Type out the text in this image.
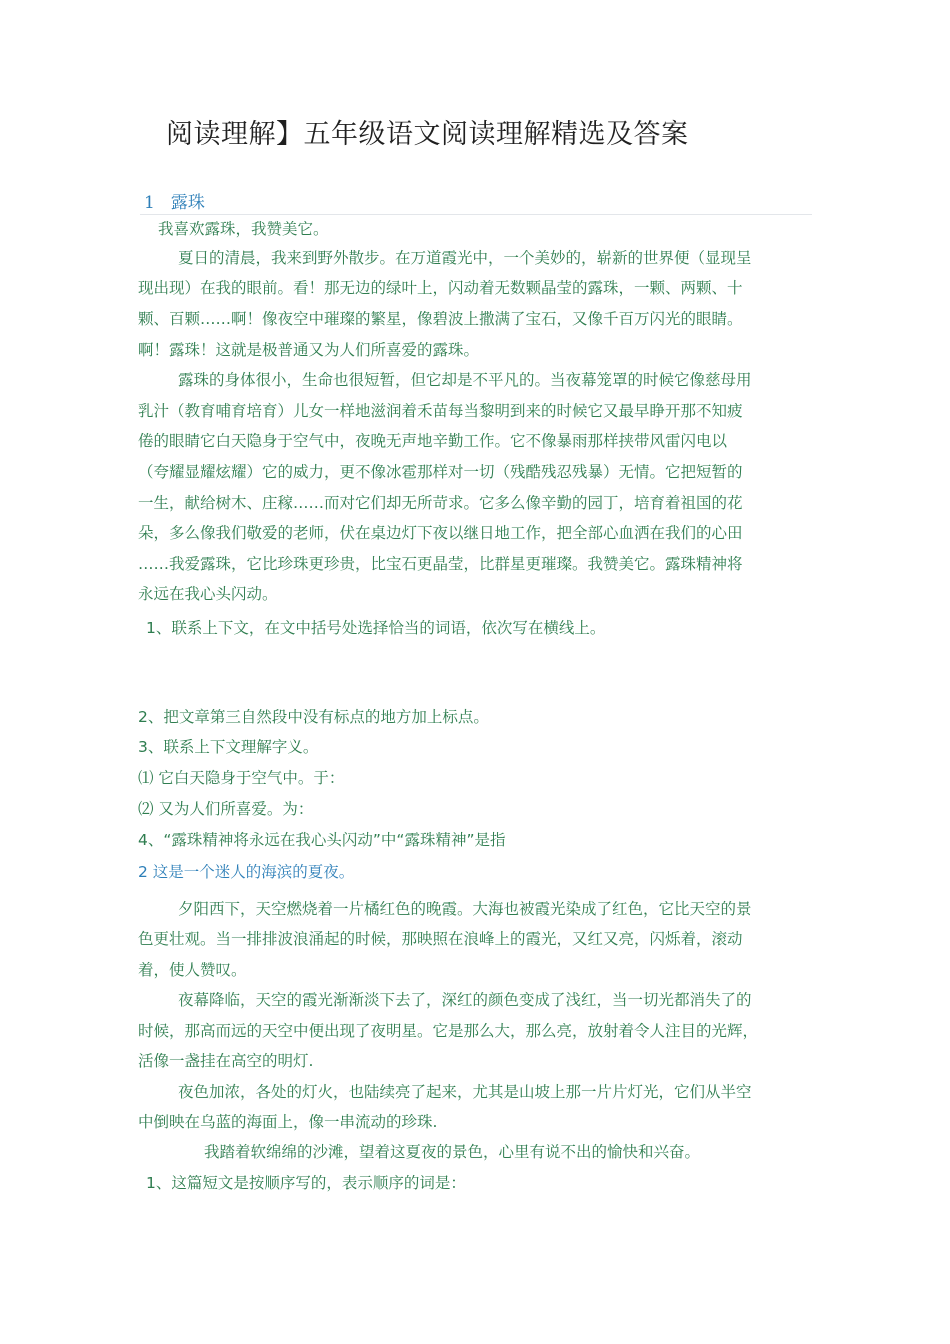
阅读理解】五年级语文阅读理解精选及答案
1 露珠
我喜欢露珠，我赞美它。
夏日的清晨，我来到野外散步。在万道霞光中，一个美妙的，崭新的世界便（显现呈
现出现）在我的眼前。看！那无边的绿叶上，闪动着无数颗晶莹的露珠，一颗、两颗、十
颗、百颗……啊！像夜空中璀璨的繁星，像碧波上撒满了宝石，又像千百万闪光的眼睛。
啊！露珠！这就是极普通又为人们所喜爱的露珠。
露珠的身体很小，生命也很短暂，但它却是不平凡的。当夜幕笼罩的时候它像慈母用
乳汁（教育哺育培育）儿女一样地滋润着禾苗每当黎明到来的时候它又最早睁开那不知疲
倦的眼睛它白天隐身于空气中，夜晚无声地辛勤工作。它不像暴雨那样挟带风雷闪电以
（夸耀显耀炫耀）它的威力，更不像冰雹那样对一切（残酷残忍残暴）无情。它把短暂的
一生，献给树木、庄稼……而对它们却无所苛求。它多么像辛勤的园丁，培育着祖国的花
朵，多么像我们敬爱的老师，伏在桌边灯下夜以继日地工作，把全部心血洒在我们的心田
……我爱露珠，它比珍珠更珍贵，比宝石更晶莹，比群星更璀璨。我赞美它。露珠精神将
永远在我心头闪动。
1、联系上下文，在文中括号处选择恰当的词语，依次写在横线上。
2、把文章第三自然段中没有标点的地方加上标点。
3、联系上下文理解字义。
⑴ 它白天隐身于空气中。于：
⑵ 又为人们所喜爱。为：
4、“露珠精神将永远在我心头闪动”中“露珠精神”是指
2 这是一个迷人的海滨的夏夜。
夕阳西下，天空燃烧着一片橘红色的晚霞。大海也被霞光染成了红色，它比天空的景
色更壮观。当一排排波浪涌起的时候，那映照在浪峰上的霞光，又红又亮，闪烁着，滚动
着，使人赞叹。
夜幕降临，天空的霞光渐渐淡下去了，深红的颜色变成了浅红，当一切光都消失了的
时候，那高而远的天空中便出现了夜明星。它是那么大，那么亮，放射着令人注目的光辉，
活像一盏挂在高空的明灯.
夜色加浓，各处的灯火，也陆续亮了起来，尤其是山坡上那一片片灯光，它们从半空
中倒映在乌蓝的海面上，像一串流动的珍珠.
我踏着软绵绵的沙滩，望着这夏夜的景色，心里有说不出的愉快和兴奋。
1、这篇短文是按顺序写的，表示顺序的词是：
